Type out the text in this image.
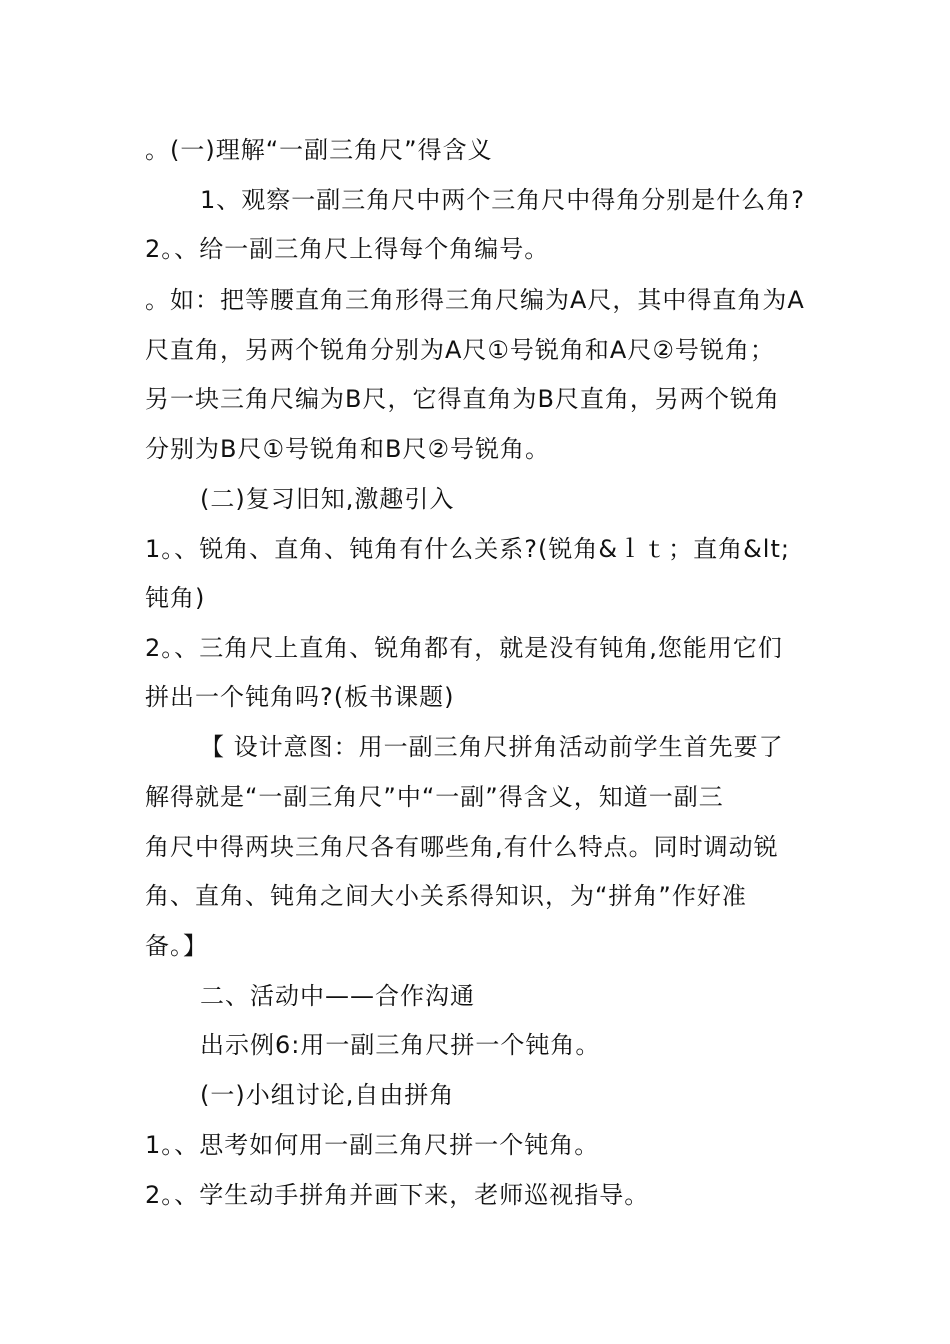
。(一)理解“一副三角尺”得含义
1、观察一副三角尺中两个三角尺中得角分别是什么角?
2。、给一副三角尺上得每个角编号。
。如：把等腰直角三角形得三角尺编为A尺，其中得直角为A
尺直角，另两个锐角分别为A尺①号锐角和A尺②号锐角；
另一块三角尺编为B尺，它得直角为B尺直角，另两个锐角
分别为B尺①号锐角和B尺②号锐角。
(二)复习旧知,激趣引入
1。、锐角、直角、钝角有什么关系?(锐角&ｌｔ；直角&lt;
钝角)
2。、三角尺上直角、锐角都有，就是没有钝角,您能用它们
拼出一个钝角吗?(板书课题)
【 设计意图：用一副三角尺拼角活动前学生首先要了
解得就是“一副三角尺”中“一副”得含义，知道一副三
角尺中得两块三角尺各有哪些角,有什么特点。同时调动锐
角、直角、钝角之间大小关系得知识，为“拼角”作好准
备。】
二、活动中——合作沟通
出示例6:用一副三角尺拼一个钝角。
(一)小组讨论,自由拼角
1。、思考如何用一副三角尺拼一个钝角。
2。、学生动手拼角并画下来，老师巡视指导。
